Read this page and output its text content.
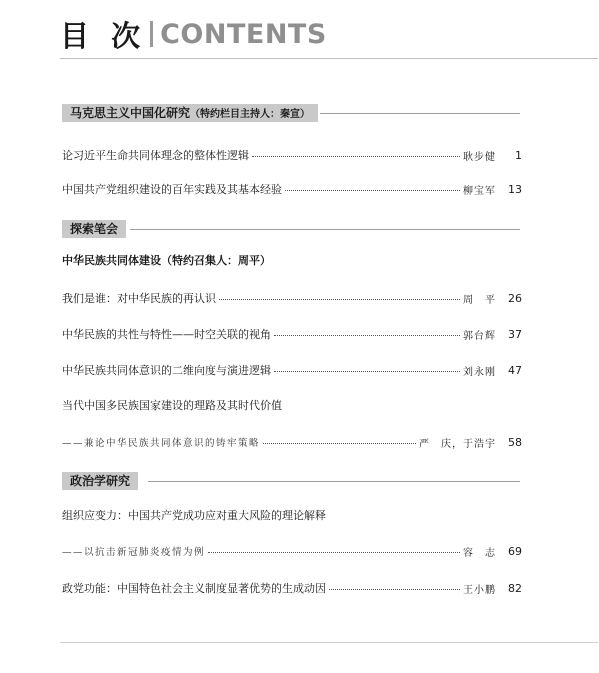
目 次 CONTENTS
马克思主义中国化研究（特约栏目主持人：秦宣）
论习近平生命共同体理念的整体性逻辑	耿步健	1
中国共产党组织建设的百年实践及其基本经验	柳宝军	13
探索笔会
中华民族共同体建设（特约召集人：周平）
我们是谁：对中华民族的再认识	周　平	26
中华民族的共性与特性——时空关联的视角	郭台辉	37
中华民族共同体意识的二维向度与演进逻辑	刘永刚	47
当代中国多民族国家建设的理路及其时代价值
——兼论中华民族共同体意识的铸牢策略	严　庆，于浩宇	58
政治学研究
组织应变力：中国共产党成功应对重大风险的理论解释
——以抗击新冠肺炎疫情为例	容　志	69
政党功能：中国特色社会主义制度显著优势的生成动因	王小鹏	82
